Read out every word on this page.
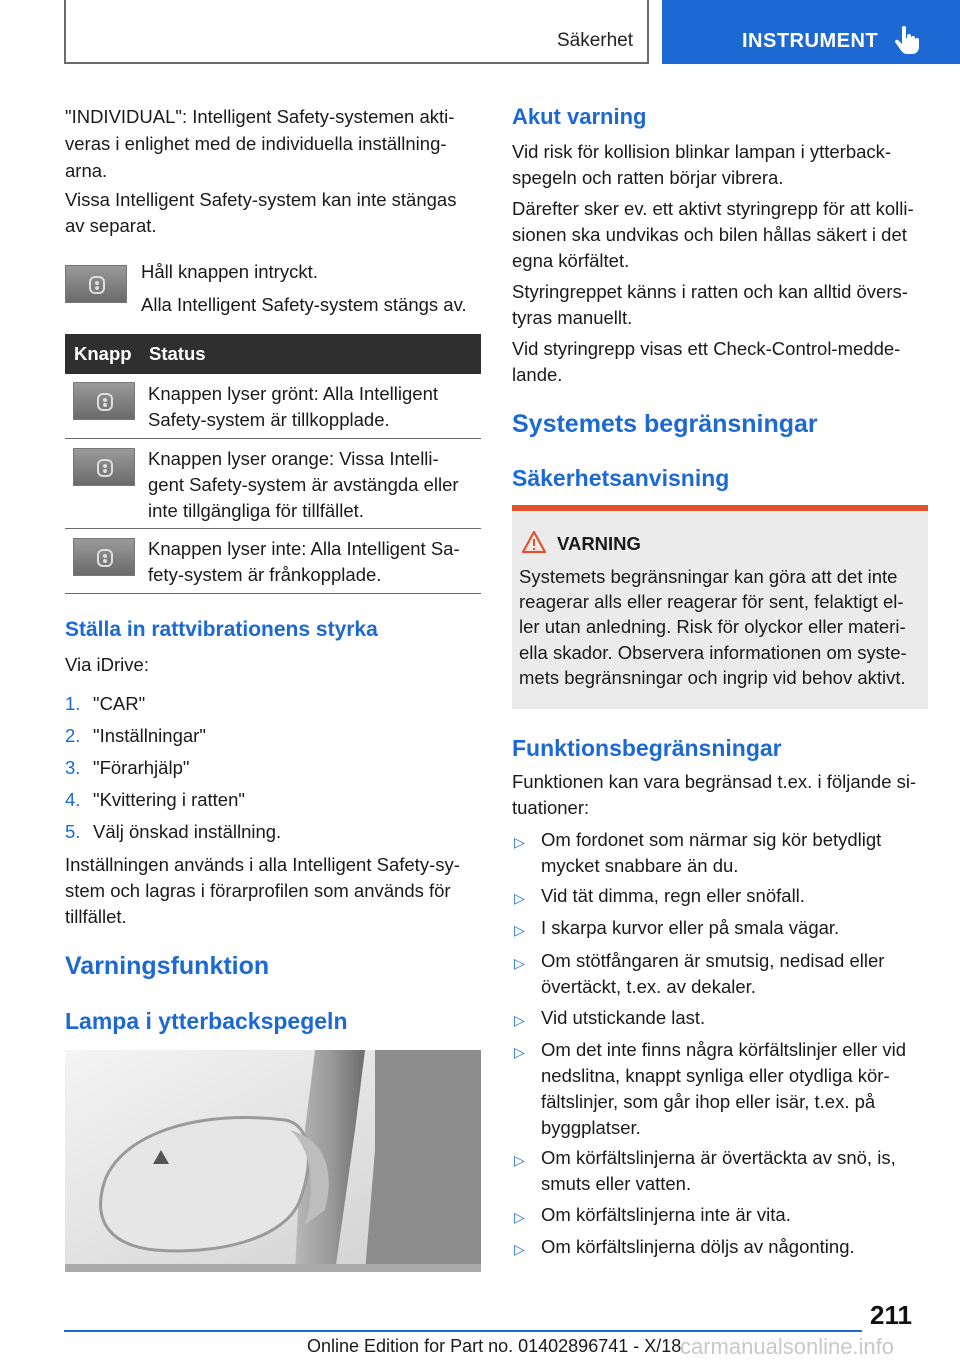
Säkerhet	INSTRUMENT
"INDIVIDUAL": Intelligent Safety-systemen akti-
veras i enlighet med de individuella inställning-
arna.
Vissa Intelligent Safety-system kan inte stängas
av separat.
Håll knappen intryckt.
Alla Intelligent Safety-system stängs av.
Knapp Status
Knappen lyser grönt: Alla Intelligent
Safety-system är tillkopplade.
Knappen lyser orange: Vissa Intelli-
gent Safety-system är avstängda eller
inte tillgängliga för tillfället.
Knappen lyser inte: Alla Intelligent Sa-
fety-system är frånkopplade.
Ställa in rattvibrationens styrka
Via iDrive:
1. "CAR"
2. "Inställningar"
3. "Förarhjälp"
4. "Kvittering i ratten"
5. Välj önskad inställning.
Inställningen används i alla Intelligent Safety-sy-
stem och lagras i förarprofilen som används för
tillfället.
Varningsfunktion
Lampa i ytterbackspegeln
Akut varning
Vid risk för kollision blinkar lampan i ytterback-
spegeln och ratten börjar vibrera.
Därefter sker ev. ett aktivt styringrepp för att kolli-
sionen ska undvikas och bilen hållas säkert i det
egna körfältet.
Styringreppet känns i ratten och kan alltid övers-
tyras manuellt.
Vid styringrepp visas ett Check-Control-medde-
lande.
Systemets begränsningar
Säkerhetsanvisning
VARNING
Systemets begränsningar kan göra att det inte
reagerar alls eller reagerar för sent, felaktigt el-
ler utan anledning. Risk för olyckor eller materi-
ella skador. Observera informationen om syste-
mets begränsningar och ingrip vid behov aktivt.
Funktionsbegränsningar
Funktionen kan vara begränsad t.ex. i följande si-
tuationer:
▷ Om fordonet som närmar sig kör betydligt
mycket snabbare än du.
▷ Vid tät dimma, regn eller snöfall.
▷ I skarpa kurvor eller på smala vägar.
▷ Om stötfångaren är smutsig, nedisad eller
övertäckt, t.ex. av dekaler.
▷ Vid utstickande last.
▷ Om det inte finns några körfältslinjer eller vid
nedslitna, knappt synliga eller otydliga kör-
fältslinjer, som går ihop eller isär, t.ex. på
byggplatser.
▷ Om körfältslinjerna är övertäckta av snö, is,
smuts eller vatten.
▷ Om körfältslinjerna inte är vita.
▷ Om körfältslinjerna döljs av någonting.
211
Online Edition for Part no. 01402896741 - X/18
carmanualsonline.info
